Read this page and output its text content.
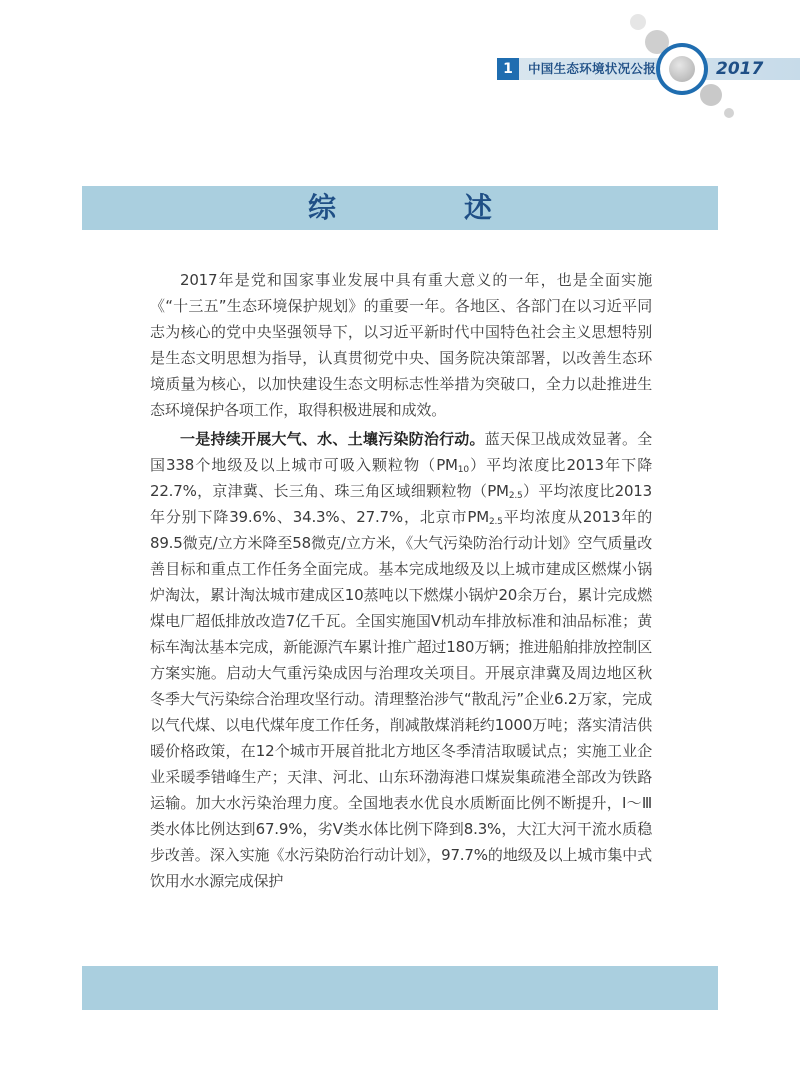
1	中国生态环境状况公报	2017
综　述

2017年是党和国家事业发展中具有重大意义的一年，也是全面实施《“十三五”生态环境保护规划》的重要一年。各地区、各部门在以习近平同志为核心的党中央坚强领导下，以习近平新时代中国特色社会主义思想特别是生态文明思想为指导，认真贯彻党中央、国务院决策部署，以改善生态环境质量为核心，以加快建设生态文明标志性举措为突破口，全力以赴推进生态环境保护各项工作，取得积极进展和成效。

一是持续开展大气、水、土壤污染防治行动。蓝天保卫战成效显著。全国338个地级及以上城市可吸入颗粒物$(PM_{10})$平均浓度比2013年下降22.7%，京津冀、长三角、珠三角区域细颗粒物$(PM_{2.5})$平均浓度比2013年分别下降39.6%、34.3%、27.7%，北京市$PM_{2.5}$平均浓度从2013年的89.5微克/立方米降至58微克/立方米，《大气污染防治行动计划》空气质量改善目标和重点工作任务全面完成。基本完成地级及以上城市建成区燃煤小锅炉淘汰，累计淘汰城市建成区10蒸吨以下燃煤小锅炉20余万台，累计完成燃煤电厂超低排放改造7亿千瓦。全国实施国Ⅴ机动车排放标准和油品标准；黄标车淘汰基本完成，新能源汽车累计推广超过180万辆；推进船舶排放控制区方案实施。启动大气重污染成因与治理攻关项目。开展京津冀及周边地区秋冬季大气污染综合治理攻坚行动。清理整治涉气“散乱污”企业6.2万家，完成以气代煤、以电代煤年度工作任务，削减散煤消耗约1000万吨；落实清洁供暖价格政策，在12个城市开展首批北方地区冬季清洁取暖试点；实施工业企业采暖季错峰生产；天津、河北、山东环渤海港口煤炭集疏港全部改为铁路运输。加大水污染治理力度。全国地表水优良水质断面比例不断提升，Ⅰ～Ⅲ类水体比例达到67.9%，劣Ⅴ类水体比例下降到8.3%，大江大河干流水质稳步改善。深入实施《水污染防治行动计划》，97.7%的地级及以上城市集中式饮用水水源完成保护
